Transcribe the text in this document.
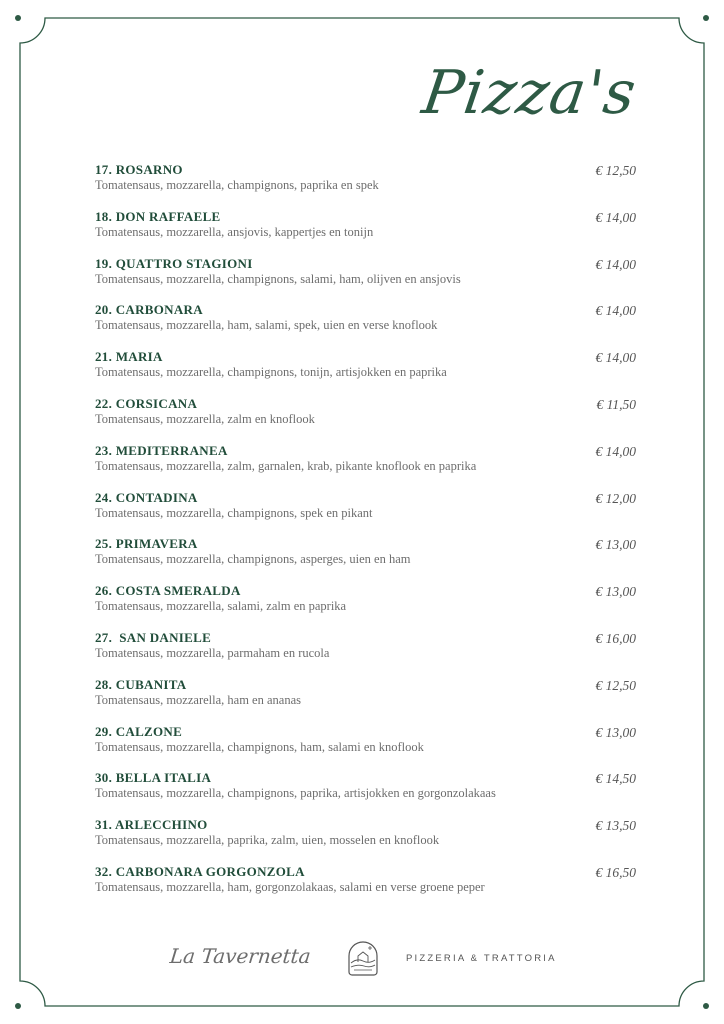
Pizza's
17. ROSARNO
Tomatensaus, mozzarella, champignons, paprika en spek
€ 12,50
18. DON RAFFAELE
Tomatensaus, mozzarella, ansjovis, kappertjes en tonijn
€ 14,00
19. QUATTRO STAGIONI
Tomatensaus, mozzarella, champignons, salami, ham, olijven en ansjovis
€ 14,00
20. CARBONARA
Tomatensaus, mozzarella, ham, salami, spek, uien en verse knoflook
€ 14,00
21. MARIA
Tomatensaus, mozzarella, champignons, tonijn, artisjokken en paprika
€ 14,00
22. CORSICANA
Tomatensaus, mozzarella, zalm en knoflook
€ 11,50
23. MEDITERRANEA
Tomatensaus, mozzarella, zalm, garnalen, krab, pikante knoflook en paprika
€ 14,00
24. CONTADINA
Tomatensaus, mozzarella, champignons, spek en pikant
€ 12,00
25. PRIMAVERA
Tomatensaus, mozzarella, champignons, asperges, uien en ham
€ 13,00
26. COSTA SMERALDA
Tomatensaus, mozzarella, salami, zalm en paprika
€ 13,00
27.  SAN DANIELE
Tomatensaus, mozzarella, parmaham en rucola
€ 16,00
28. CUBANITA
Tomatensaus, mozzarella, ham en ananas
€ 12,50
29. CALZONE
Tomatensaus, mozzarella, champignons, ham, salami en knoflook
€ 13,00
30. BELLA ITALIA
Tomatensaus, mozzarella, champignons, paprika, artisjokken en gorgonzolakaas
€ 14,50
31. ARLECCHINO
Tomatensaus, mozzarella, paprika, zalm, uien, mosselen en knoflook
€ 13,50
32. CARBONARA GORGONZOLA
Tomatensaus, mozzarella, ham, gorgonzolakaas, salami en verse groene peper
€ 16,50
La Tavernetta	PIZZERIA & TRATTORIA
